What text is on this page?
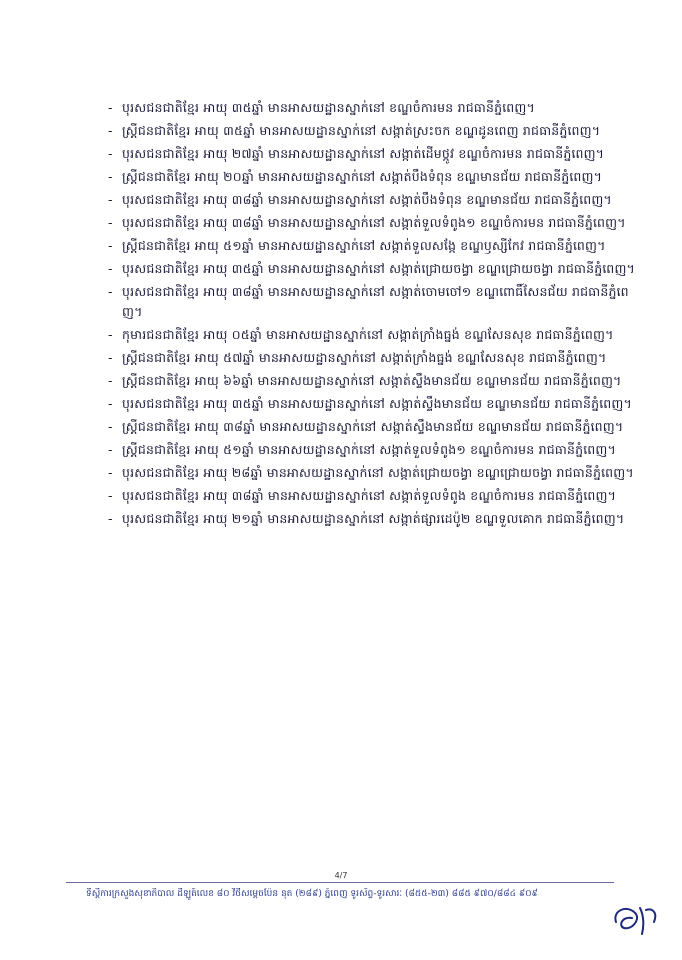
- បុរសជនជាតិខ្មែរ អាយុ ៣៥ឆ្នាំ មានអាសយដ្ឋានស្នាក់នៅ ខណ្ឌចំការមន រាជធានីភ្នំពេញ។
- ស្ត្រីជនជាតិខ្មែរ អាយុ ៣៥ឆ្នាំ មានអាសយដ្ឋានស្នាក់នៅ សង្កាត់ស្រះចក ខណ្ឌដូនពេញ រាជធានីភ្នំពេញ។
- បុរសជនជាតិខ្មែរ អាយុ ២៧ឆ្នាំ មានអាសយដ្ឋានស្នាក់នៅ សង្កាត់ដើមថ្កូវ ខណ្ឌចំការមន រាជធានីភ្នំពេញ។
- ស្ត្រីជនជាតិខ្មែរ អាយុ ២០ឆ្នាំ មានអាសយដ្ឋានស្នាក់នៅ សង្កាត់បឹងទំពុន ខណ្ឌមានជ័យ រាជធានីភ្នំពេញ។
- បុរសជនជាតិខ្មែរ អាយុ ៣៨ឆ្នាំ មានអាសយដ្ឋានស្នាក់នៅ សង្កាត់បឹងទំពុន ខណ្ឌមានជ័យ រាជធានីភ្នំពេញ។
- បុរសជនជាតិខ្មែរ អាយុ ៣៨ឆ្នាំ មានអាសយដ្ឋានស្នាក់នៅ សង្កាត់ទួលទំពូង១ ខណ្ឌចំការមន រាជធានីភ្នំពេញ។
- ស្ត្រីជនជាតិខ្មែរ អាយុ ៥១ឆ្នាំ មានអាសយដ្ឋានស្នាក់នៅ សង្កាត់ទួលសង្កែ ខណ្ឌឫស្សីកែវ រាជធានីភ្នំពេញ។
- បុរសជនជាតិខ្មែរ អាយុ ៣៥ឆ្នាំ មានអាសយដ្ឋានស្នាក់នៅ សង្កាត់ជ្រោយចង្វា ខណ្ឌជ្រោយចង្វា រាជធានីភ្នំពេញ។
- បុរសជនជាតិខ្មែរ អាយុ ៣៨ឆ្នាំ មានអាសយដ្ឋានស្នាក់នៅ សង្កាត់ចោមចៅ១ ខណ្ឌពោធិ៍សែនជ័យ រាជធានីភ្នំពេញ។
- កុមារជនជាតិខ្មែរ អាយុ ០៥ឆ្នាំ មានអាសយដ្ឋានស្នាក់នៅ សង្កាត់ក្រាំងធ្នង់ ខណ្ឌសែនសុខ រាជធានីភ្នំពេញ។
- ស្ត្រីជនជាតិខ្មែរ អាយុ ៥៧ឆ្នាំ មានអាសយដ្ឋានស្នាក់នៅ សង្កាត់ក្រាំងធ្នង់ ខណ្ឌសែនសុខ រាជធានីភ្នំពេញ។
- ស្ត្រីជនជាតិខ្មែរ អាយុ ៦៦ឆ្នាំ មានអាសយដ្ឋានស្នាក់នៅ សង្កាត់ស្ទឹងមានជ័យ ខណ្ឌមានជ័យ រាជធានីភ្នំពេញ។
- បុរសជនជាតិខ្មែរ អាយុ ៣៥ឆ្នាំ មានអាសយដ្ឋានស្នាក់នៅ សង្កាត់ស្ទឹងមានជ័យ ខណ្ឌមានជ័យ រាជធានីភ្នំពេញ។
- ស្ត្រីជនជាតិខ្មែរ អាយុ ៣៨ឆ្នាំ មានអាសយដ្ឋានស្នាក់នៅ សង្កាត់ស្ទឹងមានជ័យ ខណ្ឌមានជ័យ រាជធានីភ្នំពេញ។
- ស្ត្រីជនជាតិខ្មែរ អាយុ ៥១ឆ្នាំ មានអាសយដ្ឋានស្នាក់នៅ សង្កាត់ទួលទំពូង១ ខណ្ឌចំការមន រាជធានីភ្នំពេញ។
- បុរសជនជាតិខ្មែរ អាយុ ២៨ឆ្នាំ មានអាសយដ្ឋានស្នាក់នៅ សង្កាត់ជ្រោយចង្វា ខណ្ឌជ្រោយចង្វា រាជធានីភ្នំពេញ។
- បុរសជនជាតិខ្មែរ អាយុ ៣៨ឆ្នាំ មានអាសយដ្ឋានស្នាក់នៅ សង្កាត់ទួលទំពូង ខណ្ឌចំការមន រាជធានីភ្នំពេញ។
- បុរសជនជាតិខ្មែរ អាយុ ២១ឆ្នាំ មានអាសយដ្ឋានស្នាក់នៅ សង្កាត់ផ្សារដេប៉ូ២ ខណ្ឌទួលគោក រាជធានីភ្នំពេញ។
4/7
ទីស្តីការក្រសួងសុខាភិបាល ដីឡូត៍លេខ ៨០ វិថីសម្តេចប៉ែន នុត (២៨៩) ភ្នំពេញ ទូរស័ព្ទ-ទូរសារៈ (៨៥៥-២៣) ៨៨៥ ៩៧០/៨៨៤ ៩០៩
